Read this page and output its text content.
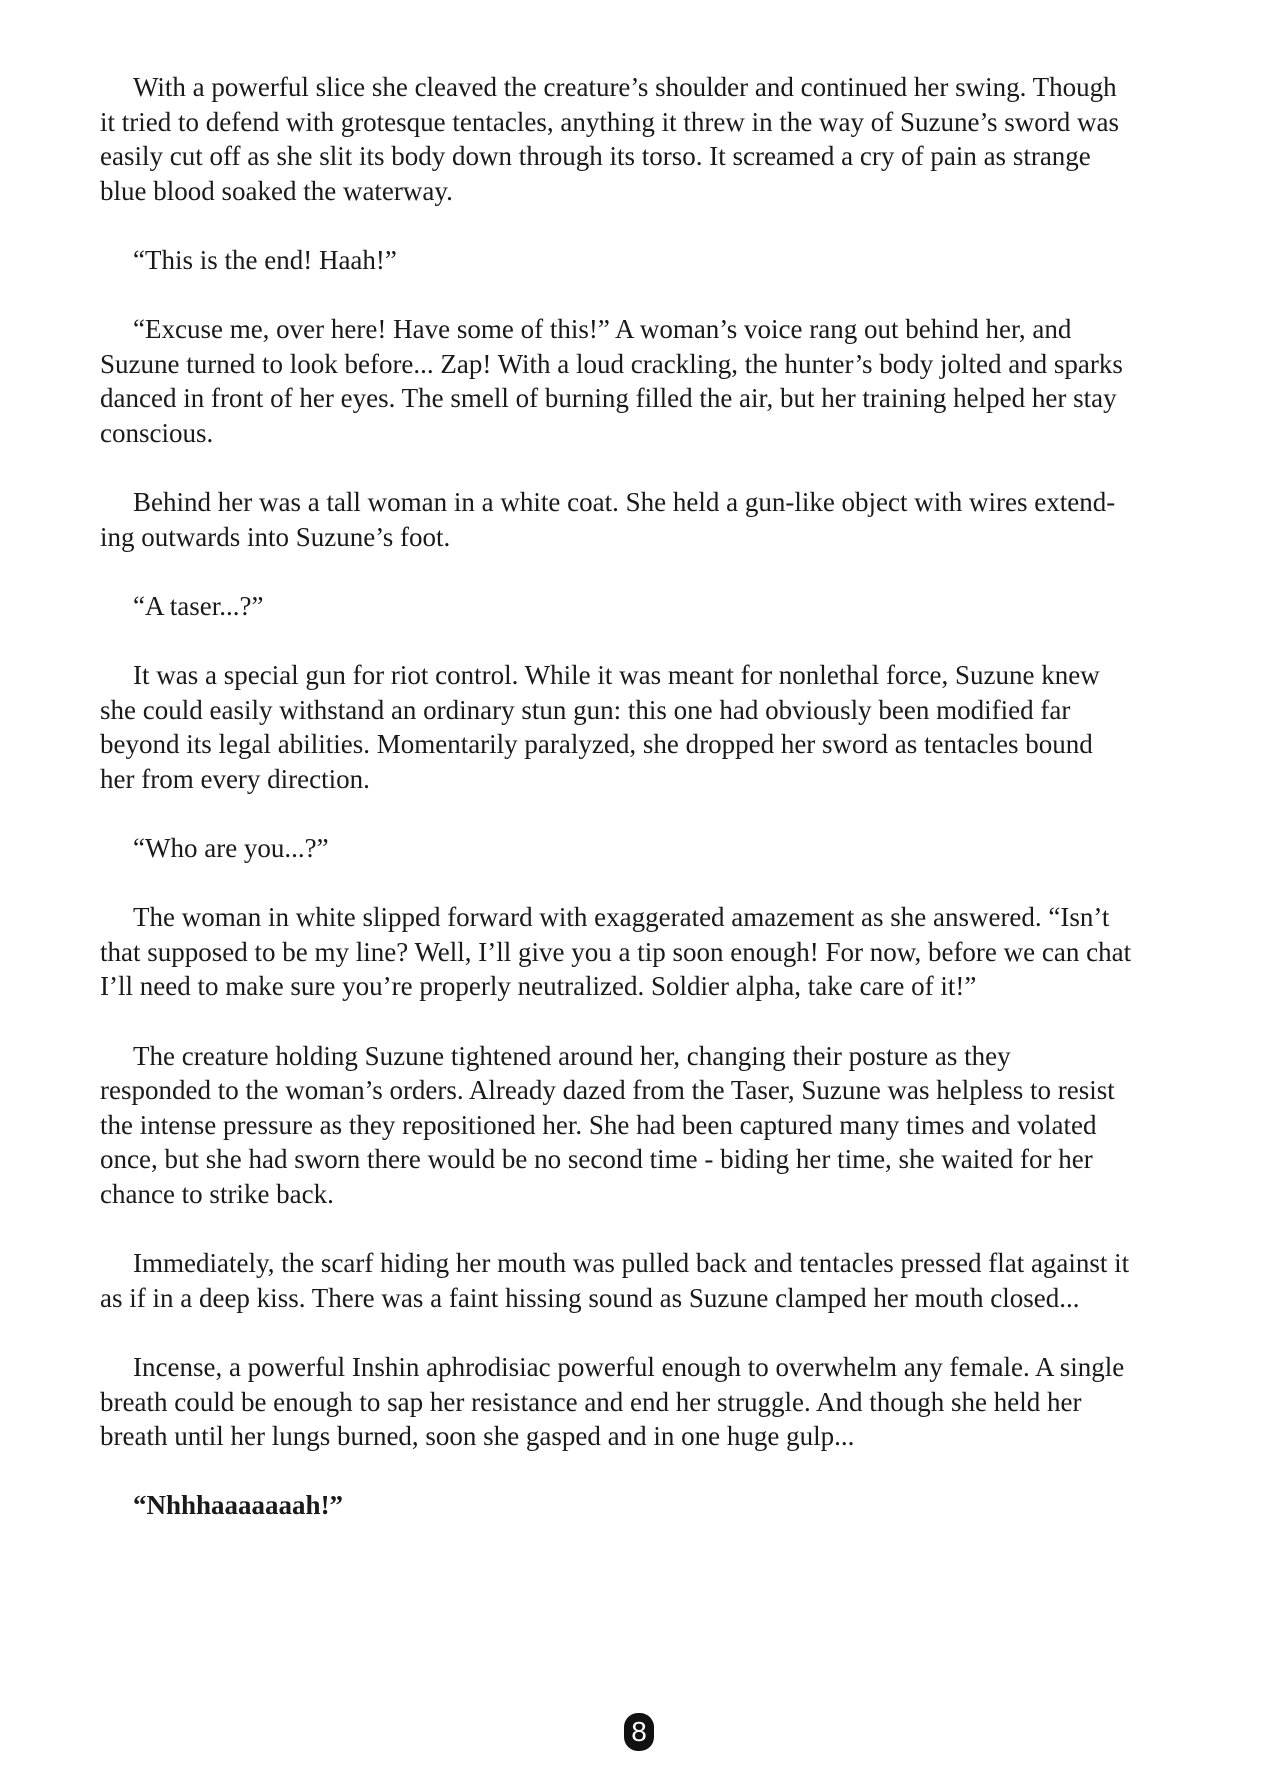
With a powerful slice she cleaved the creature’s shoulder and continued her swing. Though
it tried to defend with grotesque tentacles, anything it threw in the way of Suzune’s sword was
easily cut off as she slit its body down through its torso. It screamed a cry of pain as strange
blue blood soaked the waterway.

“This is the end! Haah!”

“Excuse me, over here! Have some of this!” A woman’s voice rang out behind her, and
Suzune turned to look before... Zap! With a loud crackling, the hunter’s body jolted and sparks
danced in front of her eyes. The smell of burning filled the air, but her training helped her stay
conscious.

Behind her was a tall woman in a white coat. She held a gun-like object with wires extend-
ing outwards into Suzune’s foot.

“A taser...?”

It was a special gun for riot control. While it was meant for nonlethal force, Suzune knew
she could easily withstand an ordinary stun gun: this one had obviously been modified far
beyond its legal abilities. Momentarily paralyzed, she dropped her sword as tentacles bound
her from every direction.

“Who are you...?”

The woman in white slipped forward with exaggerated amazement as she answered. “Isn’t
that supposed to be my line? Well, I’ll give you a tip soon enough! For now, before we can chat
I’ll need to make sure you’re properly neutralized. Soldier alpha, take care of it!”

The creature holding Suzune tightened around her, changing their posture as they
responded to the woman’s orders. Already dazed from the Taser, Suzune was helpless to resist
the intense pressure as they repositioned her. She had been captured many times and volated
once, but she had sworn there would be no second time - biding her time, she waited for her
chance to strike back.

Immediately, the scarf hiding her mouth was pulled back and tentacles pressed flat against it
as if in a deep kiss. There was a faint hissing sound as Suzune clamped her mouth closed...

Incense, a powerful Inshin aphrodisiac powerful enough to overwhelm any female. A single
breath could be enough to sap her resistance and end her struggle. And though she held her
breath until her lungs burned, soon she gasped and in one huge gulp...

“Nhhhaaaaaaah!”

8
